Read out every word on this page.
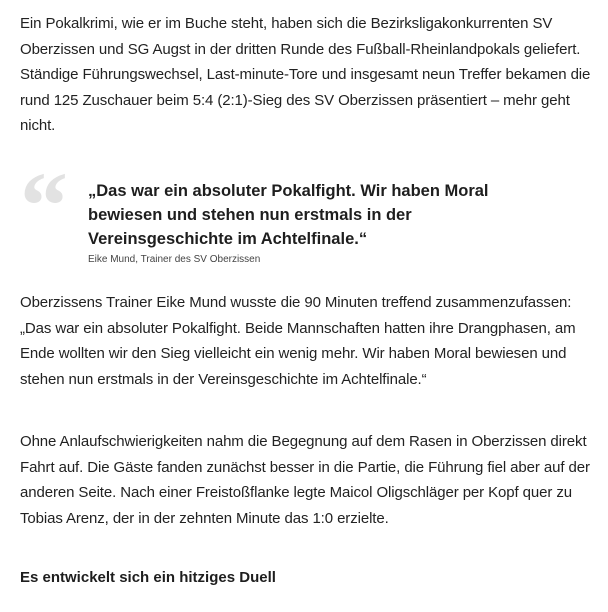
Ein Pokalkrimi, wie er im Buche steht, haben sich die Bezirksligakonkurrenten SV Oberzissen und SG Augst in der dritten Runde des Fußball-Rheinlandpokals geliefert. Ständige Führungswechsel, Last-minute-Tore und insgesamt neun Treffer bekamen die rund 125 Zuschauer beim 5:4 (2:1)-Sieg des SV Oberzissen präsentiert – mehr geht nicht.

“ „Das war ein absoluter Pokalfight. Wir haben Moral bewiesen und stehen nun erstmals in der Vereinsgeschichte im Achtelfinale.“

Eike Mund, Trainer des SV Oberzissen

Oberzissens Trainer Eike Mund wusste die 90 Minuten treffend zusammenzufassen: „Das war ein absoluter Pokalfight. Beide Mannschaften hatten ihre Drangphasen, am Ende wollten wir den Sieg vielleicht ein wenig mehr. Wir haben Moral bewiesen und stehen nun erstmals in der Vereinsgeschichte im Achtelfinale.“

Ohne Anlaufschwierigkeiten nahm die Begegnung auf dem Rasen in Oberzissen direkt Fahrt auf. Die Gäste fanden zunächst besser in die Partie, die Führung fiel aber auf der anderen Seite. Nach einer Freistoßflanke legte Maicol Oligschläger per Kopf quer zu Tobias Arenz, der in der zehnten Minute das 1:0 erzielte.

Es entwickelt sich ein hitziges Duell
